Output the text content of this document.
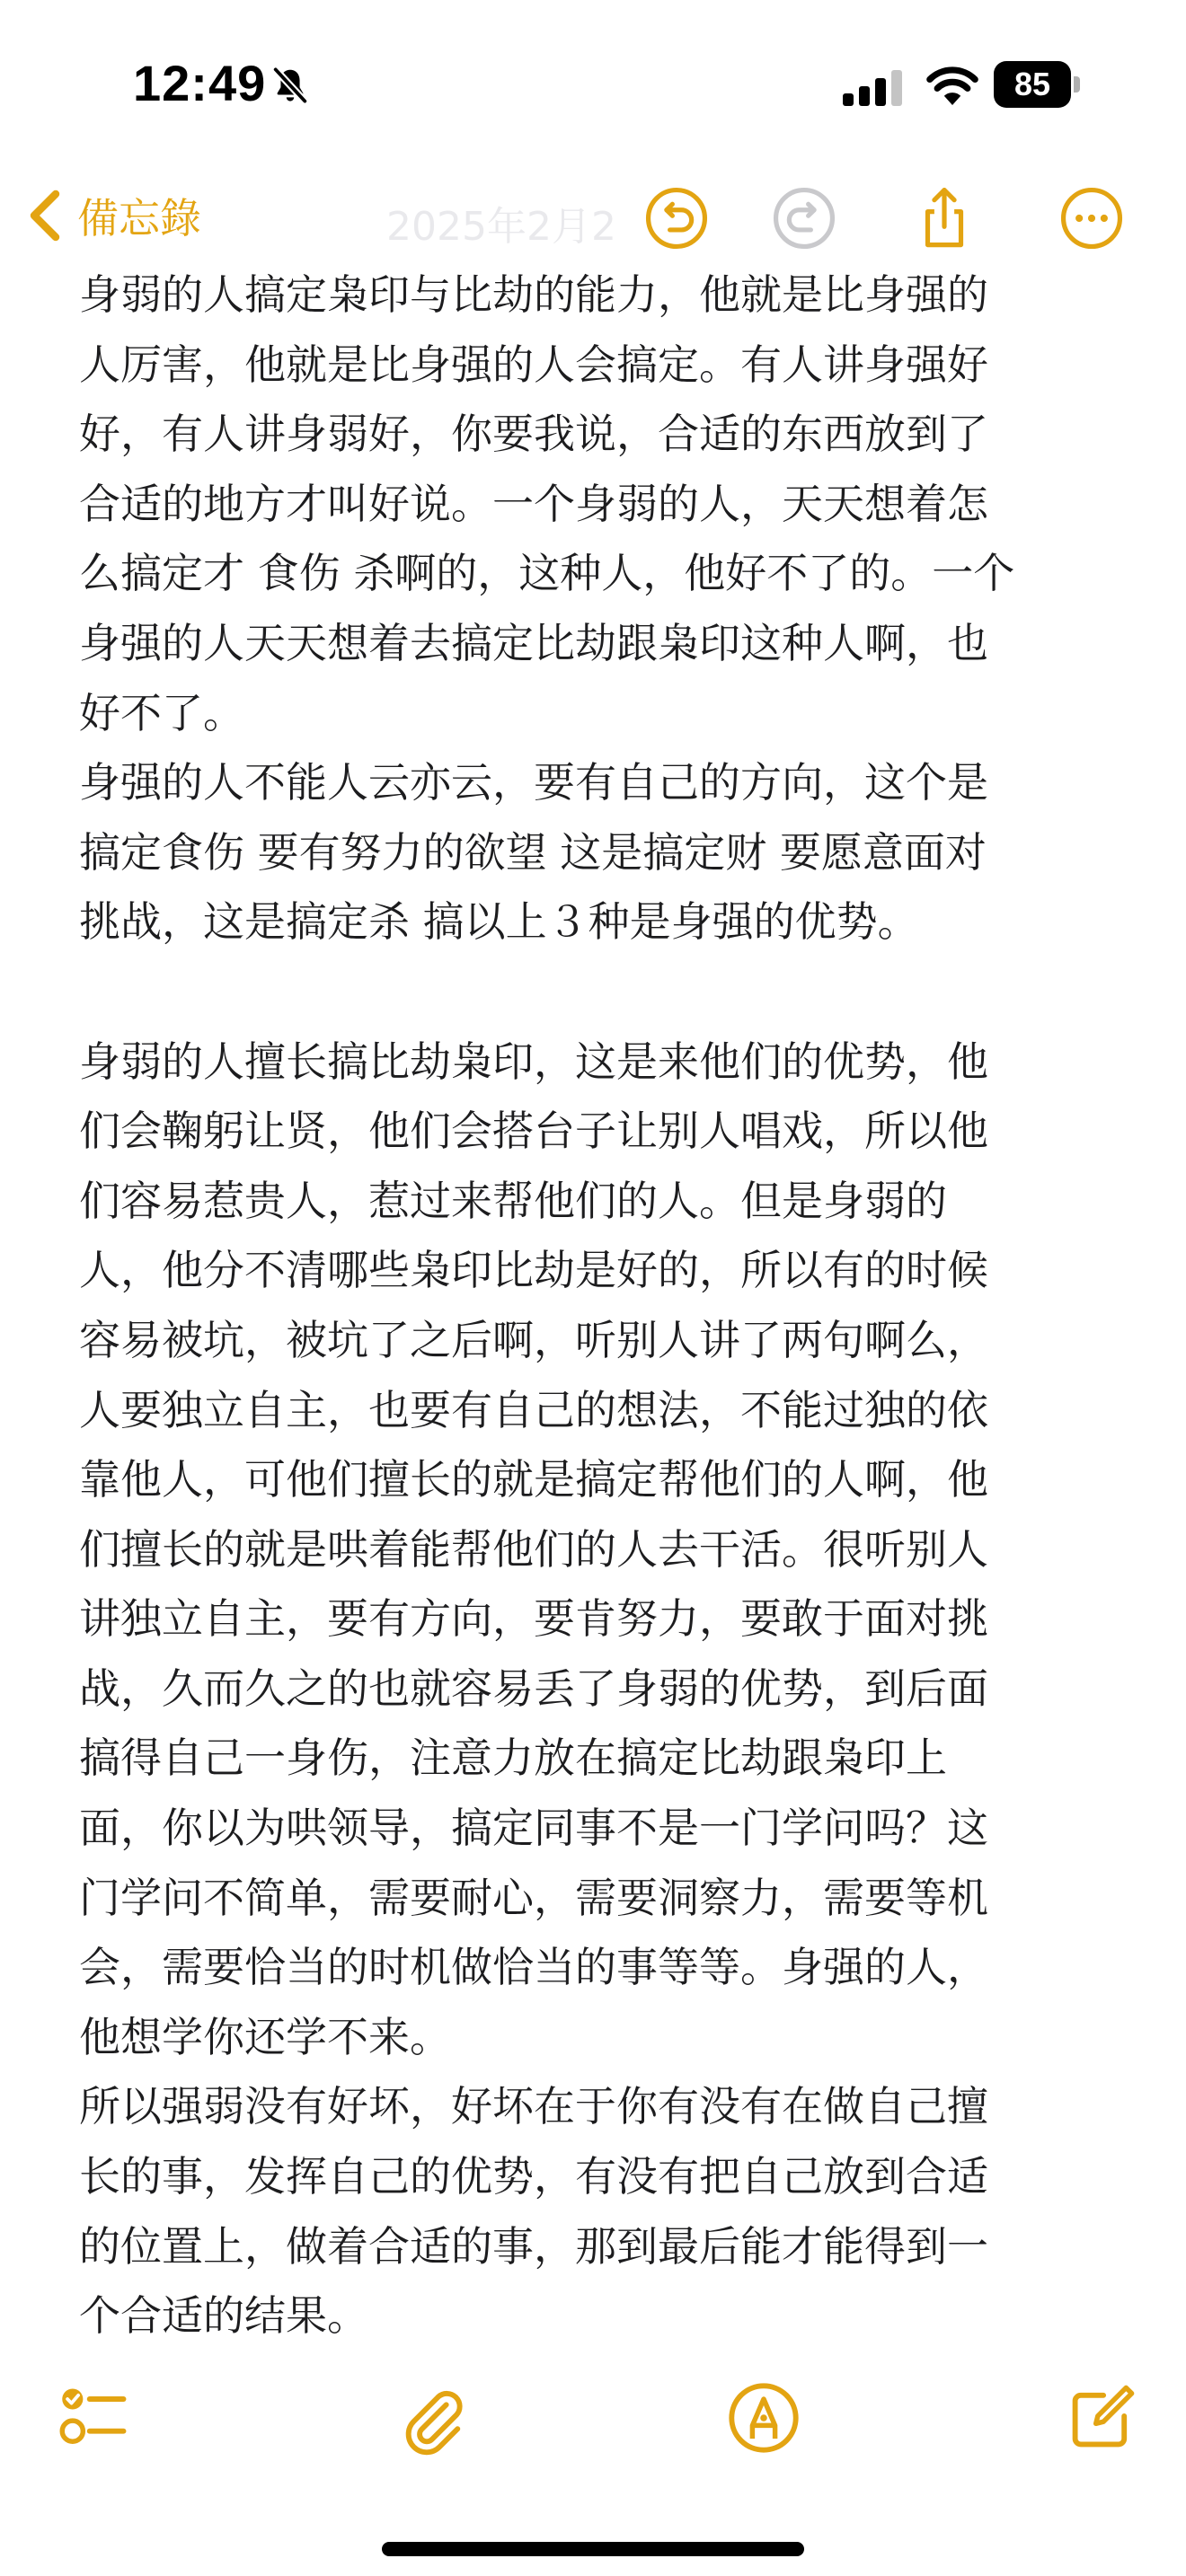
12:49	85
備忘錄	2025年2月2
身弱的人搞定枭印与比劫的能力，他就是比身强的
人厉害，他就是比身强的人会搞定。有人讲身强好
好，有人讲身弱好，你要我说，合适的东西放到了
合适的地方才叫好说。一个身弱的人，天天想着怎
么搞定才 食伤 杀啊的，这种人，他好不了的。一个
身强的人天天想着去搞定比劫跟枭印这种人啊，也
好不了。
身强的人不能人云亦云，要有自己的方向，这个是
搞定食伤 要有努力的欲望 这是搞定财 要愿意面对
挑战，这是搞定杀 搞以上３种是身强的优势。
身弱的人擅长搞比劫枭印，这是来他们的优势，他
们会鞠躬让贤，他们会搭台子让别人唱戏，所以他
们容易惹贵人，惹过来帮他们的人。但是身弱的
人，他分不清哪些枭印比劫是好的，所以有的时候
容易被坑，被坑了之后啊，听别人讲了两句啊么，
人要独立自主，也要有自己的想法，不能过独的依
靠他人，可他们擅长的就是搞定帮他们的人啊，他
们擅长的就是哄着能帮他们的人去干活。很听别人
讲独立自主，要有方向，要肯努力，要敢于面对挑
战，久而久之的也就容易丢了身弱的优势，到后面
搞得自己一身伤，注意力放在搞定比劫跟枭印上
面，你以为哄领导，搞定同事不是一门学问吗？这
门学问不简单，需要耐心，需要洞察力，需要等机
会，需要恰当的时机做恰当的事等等。身强的人，
他想学你还学不来。
所以强弱没有好坏，好坏在于你有没有在做自己擅
长的事，发挥自己的优势，有没有把自己放到合适
的位置上，做着合适的事，那到最后能才能得到一
个合适的结果。
